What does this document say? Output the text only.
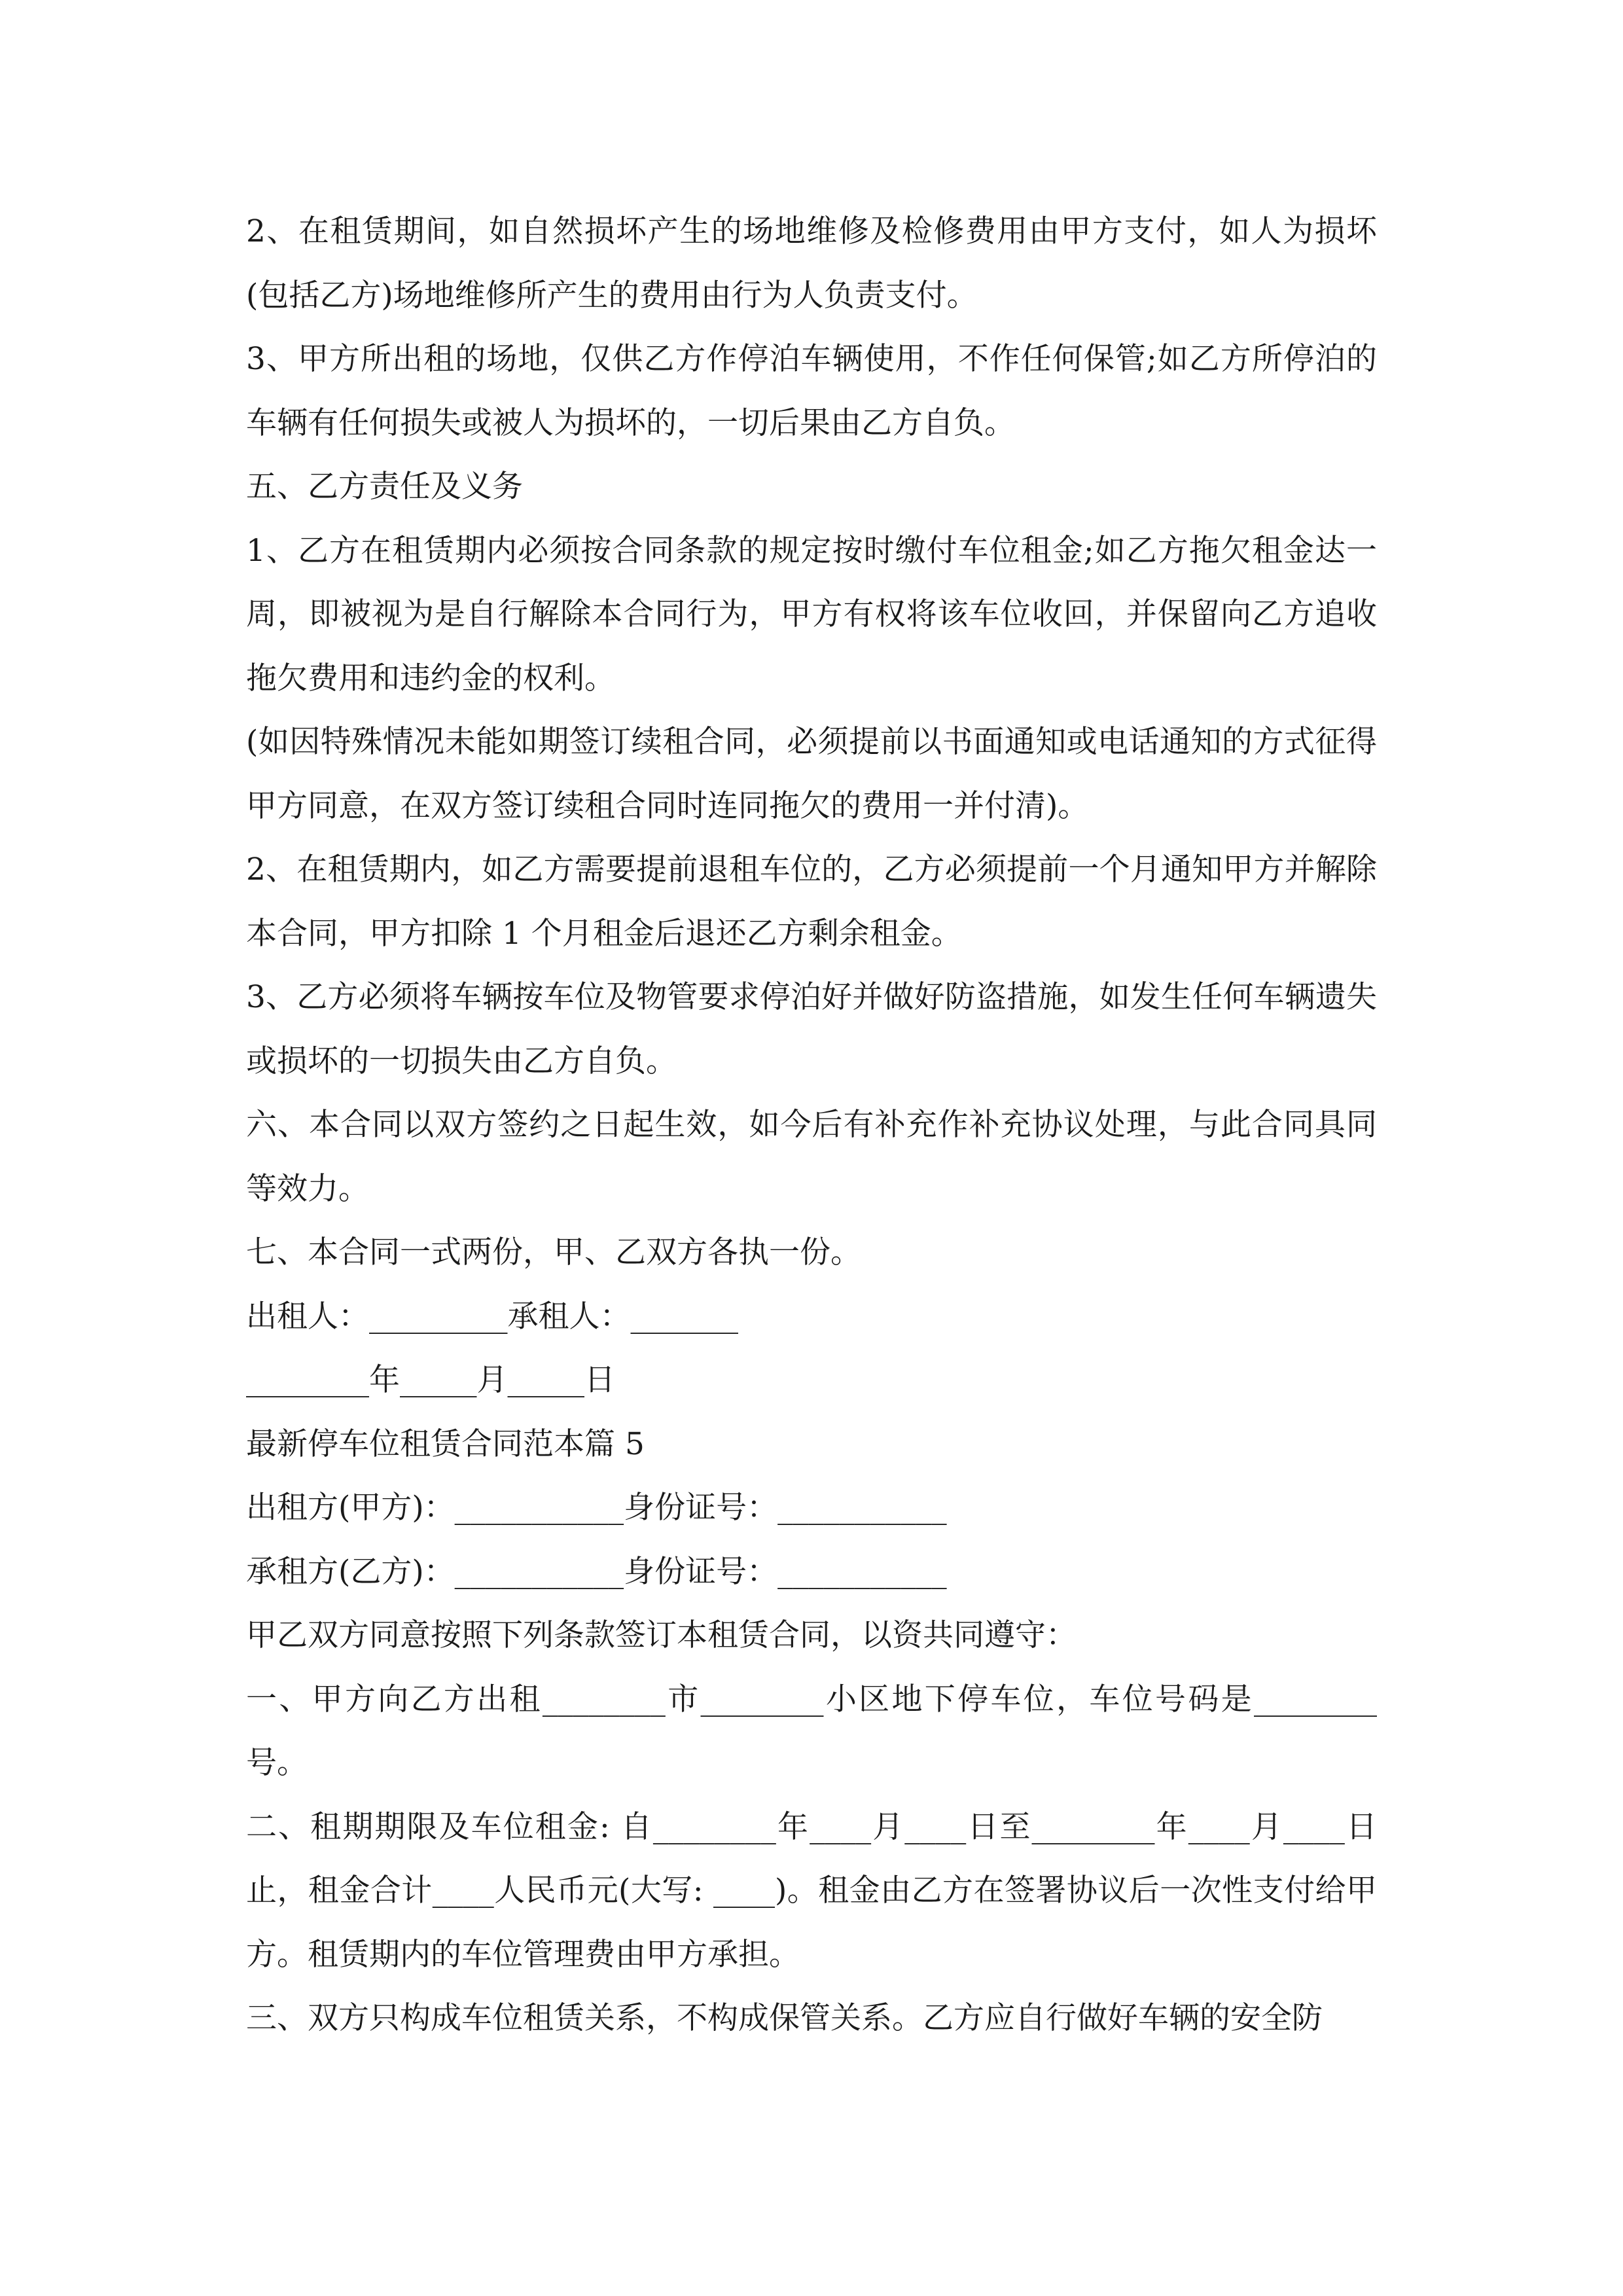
2、在租赁期间，如自然损坏产生的场地维修及检修费用由甲方支付，如人为损坏(包括乙方)场地维修所产生的费用由行为人负责支付。

3、甲方所出租的场地，仅供乙方作停泊车辆使用，不作任何保管;如乙方所停泊的车辆有任何损失或被人为损坏的，一切后果由乙方自负。

五、乙方责任及义务

1、乙方在租赁期内必须按合同条款的规定按时缴付车位租金;如乙方拖欠租金达一周，即被视为是自行解除本合同行为，甲方有权将该车位收回，并保留向乙方追收拖欠费用和违约金的权利。

(如因特殊情况未能如期签订续租合同，必须提前以书面通知或电话通知的方式征得甲方同意，在双方签订续租合同时连同拖欠的费用一并付清)。

2、在租赁期内，如乙方需要提前退租车位的，乙方必须提前一个月通知甲方并解除本合同，甲方扣除 1 个月租金后退还乙方剩余租金。

3、乙方必须将车辆按车位及物管要求停泊好并做好防盗措施，如发生任何车辆遗失或损坏的一切损失由乙方自负。

六、本合同以双方签约之日起生效，如今后有补充作补充协议处理，与此合同具同等效力。

七、本合同一式两份，甲、乙双方各执一份。

出租人：_________承租人：_______

________年_____月_____日

最新停车位租赁合同范本篇 5

出租方(甲方)：___________身份证号：___________

承租方(乙方)：___________身份证号：___________

甲乙双方同意按照下列条款签订本租赁合同，以资共同遵守：

一、甲方向乙方出租________市________小区地下停车位，车位号码是________号。

二、租期期限及车位租金: 自________年____月____日至________年____月____日止，租金合计____人民币元(大写: ____)。租金由乙方在签署协议后一次性支付给甲方。租赁期内的车位管理费由甲方承担。

三、双方只构成车位租赁关系，不构成保管关系。乙方应自行做好车辆的安全防
